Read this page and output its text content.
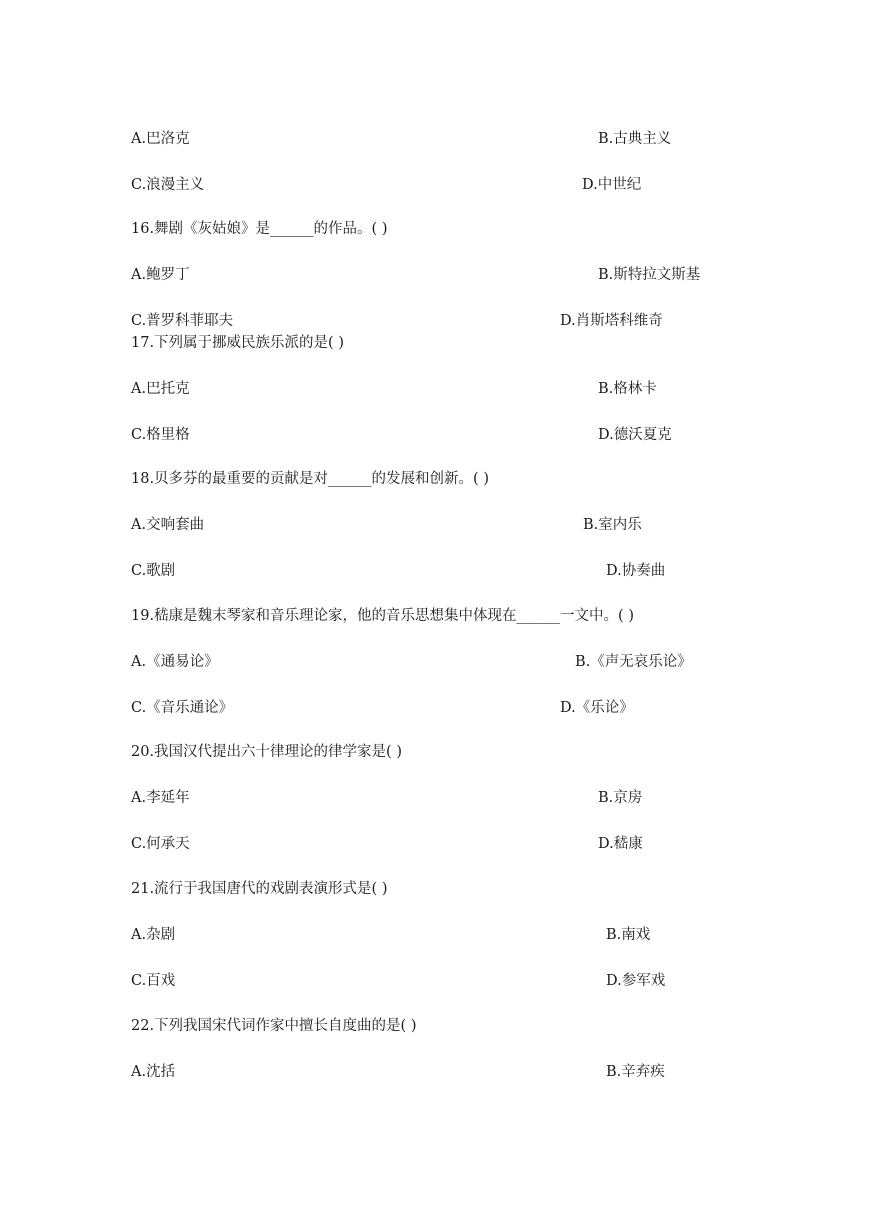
A.巴洛克	B.古典主义
C.浪漫主义	D.中世纪
16.舞剧《灰姑娘》是______的作品。( )
A.鲍罗丁	B.斯特拉文斯基
C.普罗科菲耶夫	D.肖斯塔科维奇
17.下列属于挪威民族乐派的是( )
A.巴托克	B.格林卡
C.格里格	D.德沃夏克
18.贝多芬的最重要的贡献是对______的发展和创新。( )
A.交响套曲	B.室内乐
C.歌剧	D.协奏曲
19.嵇康是魏末琴家和音乐理论家，他的音乐思想集中体现在______一文中。( )
A.《通易论》	B.《声无哀乐论》
C.《音乐通论》	D.《乐论》
20.我国汉代提出六十律理论的律学家是( )
A.李延年	B.京房
C.何承天	D.嵇康
21.流行于我国唐代的戏剧表演形式是( )
A.杂剧	B.南戏
C.百戏	D.参军戏
22.下列我国宋代词作家中擅长自度曲的是( )
A.沈括	B.辛弃疾
